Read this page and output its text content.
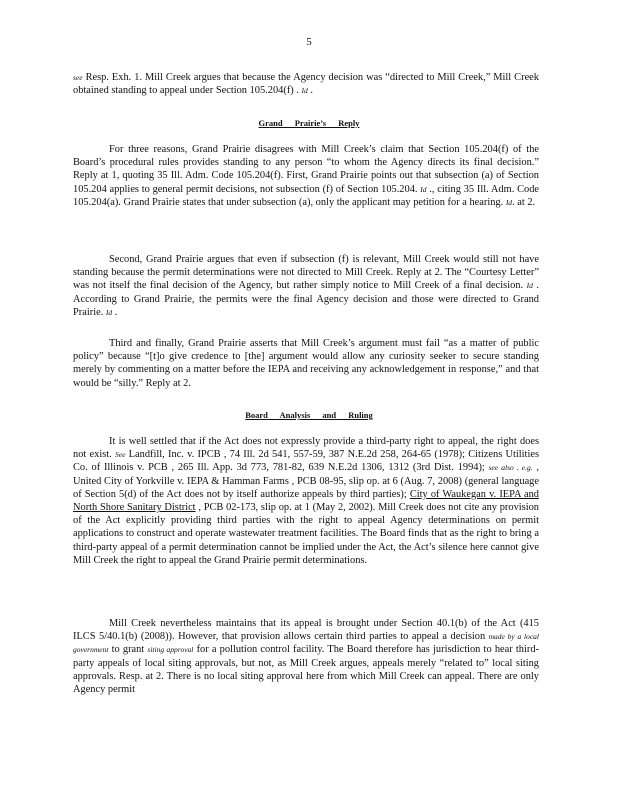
5

see Resp. Exh. 1. Mill Creek argues that because the Agency decision was “directed to Mill Creek,” Mill Creek obtained standing to appeal under Section 105.204(f) . Id .

Grand Prairie’s Reply

For three reasons, Grand Prairie disagrees with Mill Creek’s claim that Section 105.204(f) of the Board’s procedural rules provides standing to any person “to whom the Agency directs its final decision.” Reply at 1, quoting 35 Ill. Adm. Code 105.204(f). First, Grand Prairie points out that subsection (a) of Section 105.204 applies to general permit decisions, not subsection (f) of Section 105.204. Id ., citing 35 Ill. Adm. Code 105.204(a). Grand Prairie states that under subsection (a), only the applicant may petition for a hearing. Id. at 2.

Second, Grand Prairie argues that even if subsection (f) is relevant, Mill Creek would still not have standing because the permit determinations were not directed to Mill Creek. Reply at 2. The “Courtesy Letter” was not itself the final decision of the Agency, but rather simply notice to Mill Creek of a final decision. Id . According to Grand Prairie, the permits were the final Agency decision and those were directed to Grand Prairie. Id .

Third and finally, Grand Prairie asserts that Mill Creek’s argument must fail “as a matter of public policy” because “[t]o give credence to [the] argument would allow any curiosity seeker to secure standing merely by commenting on a matter before the IEPA and receiving any acknowledgement in response,” and that would be “silly.” Reply at 2.

Board Analysis and Ruling

It is well settled that if the Act does not expressly provide a third-party right to appeal, the right does not exist. See Landfill, Inc. v. IPCB , 74 Ill. 2d 541, 557-59, 387 N.E.2d 258, 264-65 (1978); Citizens Utilities Co. of Illinois v. PCB , 265 Ill. App. 3d 773, 781-82, 639 N.E.2d 1306, 1312 (3rd Dist. 1994); see also , e.g. , United City of Yorkville v. IEPA & Hamman Farms , PCB 08-95, slip op. at 6 (Aug. 7, 2008) (general language of Section 5(d) of the Act does not by itself authorize appeals by third parties); City of Waukegan v. IEPA and North Shore Sanitary District , PCB 02-173, slip op. at 1 (May 2, 2002). Mill Creek does not cite any provision of the Act explicitly providing third parties with the right to appeal Agency determinations on permit applications to construct and operate wastewater treatment facilities. The Board finds that as the right to bring a third-party appeal of a permit determination cannot be implied under the Act, the Act’s silence here cannot give Mill Creek the right to appeal the Grand Prairie permit determinations.

Mill Creek nevertheless maintains that its appeal is brought under Section 40.1(b) of the Act (415 ILCS 5/40.1(b) (2008)). However, that provision allows certain third parties to appeal a decision made by a local government to grant siting approval for a pollution control facility. The Board therefore has jurisdiction to hear third-party appeals of local siting approvals, but not, as Mill Creek argues, appeals merely “related to” local siting approvals. Resp. at 2. There is no local siting approval here from which Mill Creek can appeal. There are only Agency permit
